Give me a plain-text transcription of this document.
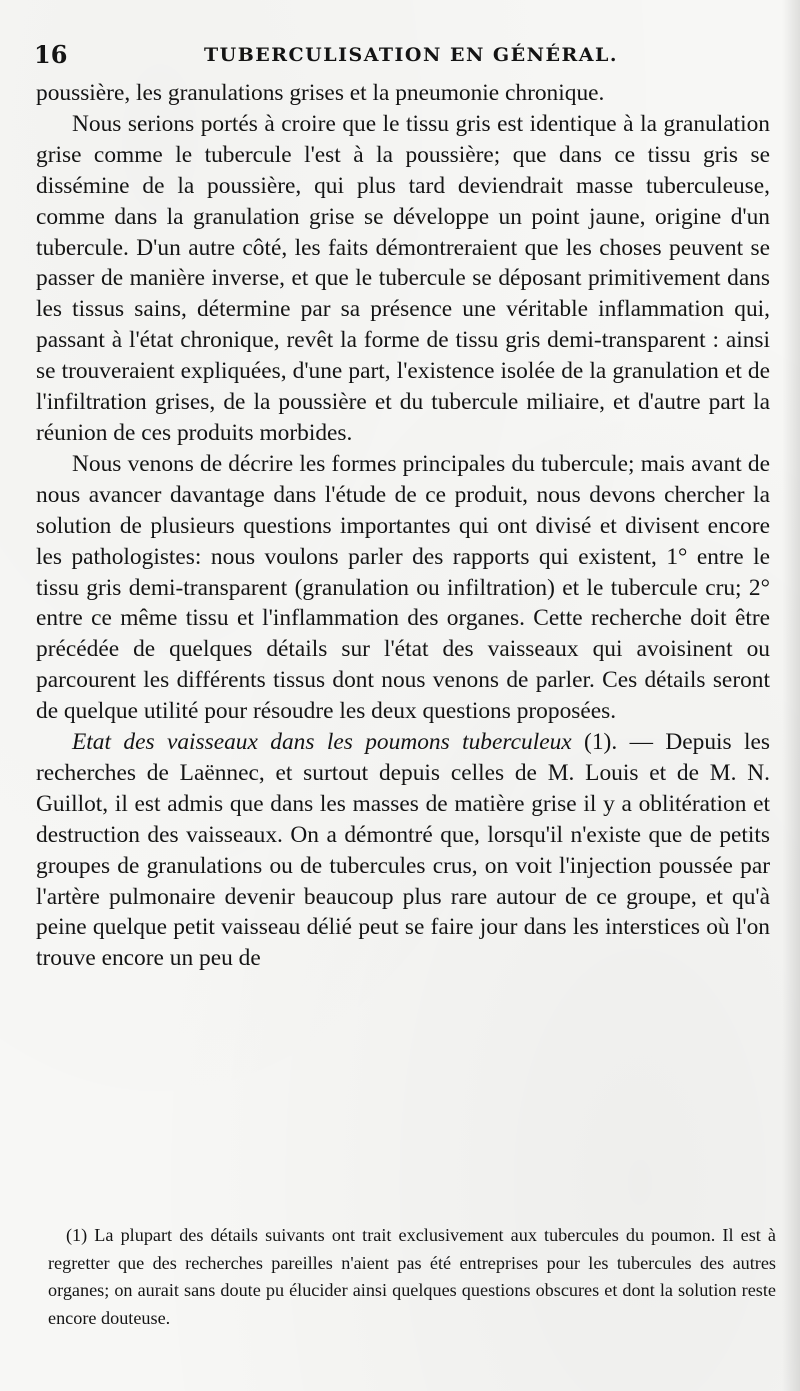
16	TUBERCULISATION EN GÉNÉRAL.

poussière, les granulations grises et la pneumonie chronique.

Nous serions portés à croire que le tissu gris est identique à la granulation grise comme le tubercule l'est à la poussière; que dans ce tissu gris se dissémine de la poussière, qui plus tard deviendrait masse tuberculeuse, comme dans la granulation grise se développe un point jaune, origine d'un tubercule. D'un autre côté, les faits démontreraient que les choses peuvent se passer de manière inverse, et que le tubercule se déposant primitivement dans les tissus sains, détermine par sa présence une véritable inflammation qui, passant à l'état chronique, revêt la forme de tissu gris demi-transparent : ainsi se trouveraient expliquées, d'une part, l'existence isolée de la granulation et de l'infiltration grises, de la poussière et du tubercule miliaire, et d'autre part la réunion de ces produits morbides.

Nous venons de décrire les formes principales du tubercule; mais avant de nous avancer davantage dans l'étude de ce produit, nous devons chercher la solution de plusieurs questions importantes qui ont divisé et divisent encore les pathologistes: nous voulons parler des rapports qui existent, 1° entre le tissu gris demi-transparent (granulation ou infiltration) et le tubercule cru; 2° entre ce même tissu et l'inflammation des organes. Cette recherche doit être précédée de quelques détails sur l'état des vaisseaux qui avoisinent ou parcourent les différents tissus dont nous venons de parler. Ces détails seront de quelque utilité pour résoudre les deux questions proposées.

Etat des vaisseaux dans les poumons tuberculeux (1). — Depuis les recherches de Laënnec, et surtout depuis celles de M. Louis et de M. N. Guillot, il est admis que dans les masses de matière grise il y a oblitération et destruction des vaisseaux. On a démontré que, lorsqu'il n'existe que de petits groupes de granulations ou de tubercules crus, on voit l'injection poussée par l'artère pulmonaire devenir beaucoup plus rare autour de ce groupe, et qu'à peine quelque petit vaisseau délié peut se faire jour dans les interstices où l'on trouve encore un peu de

(1) La plupart des détails suivants ont trait exclusivement aux tubercules du poumon. Il est à regretter que des recherches pareilles n'aient pas été entreprises pour les tubercules des autres organes; on aurait sans doute pu élucider ainsi quelques questions obscures et dont la solution reste encore douteuse.
